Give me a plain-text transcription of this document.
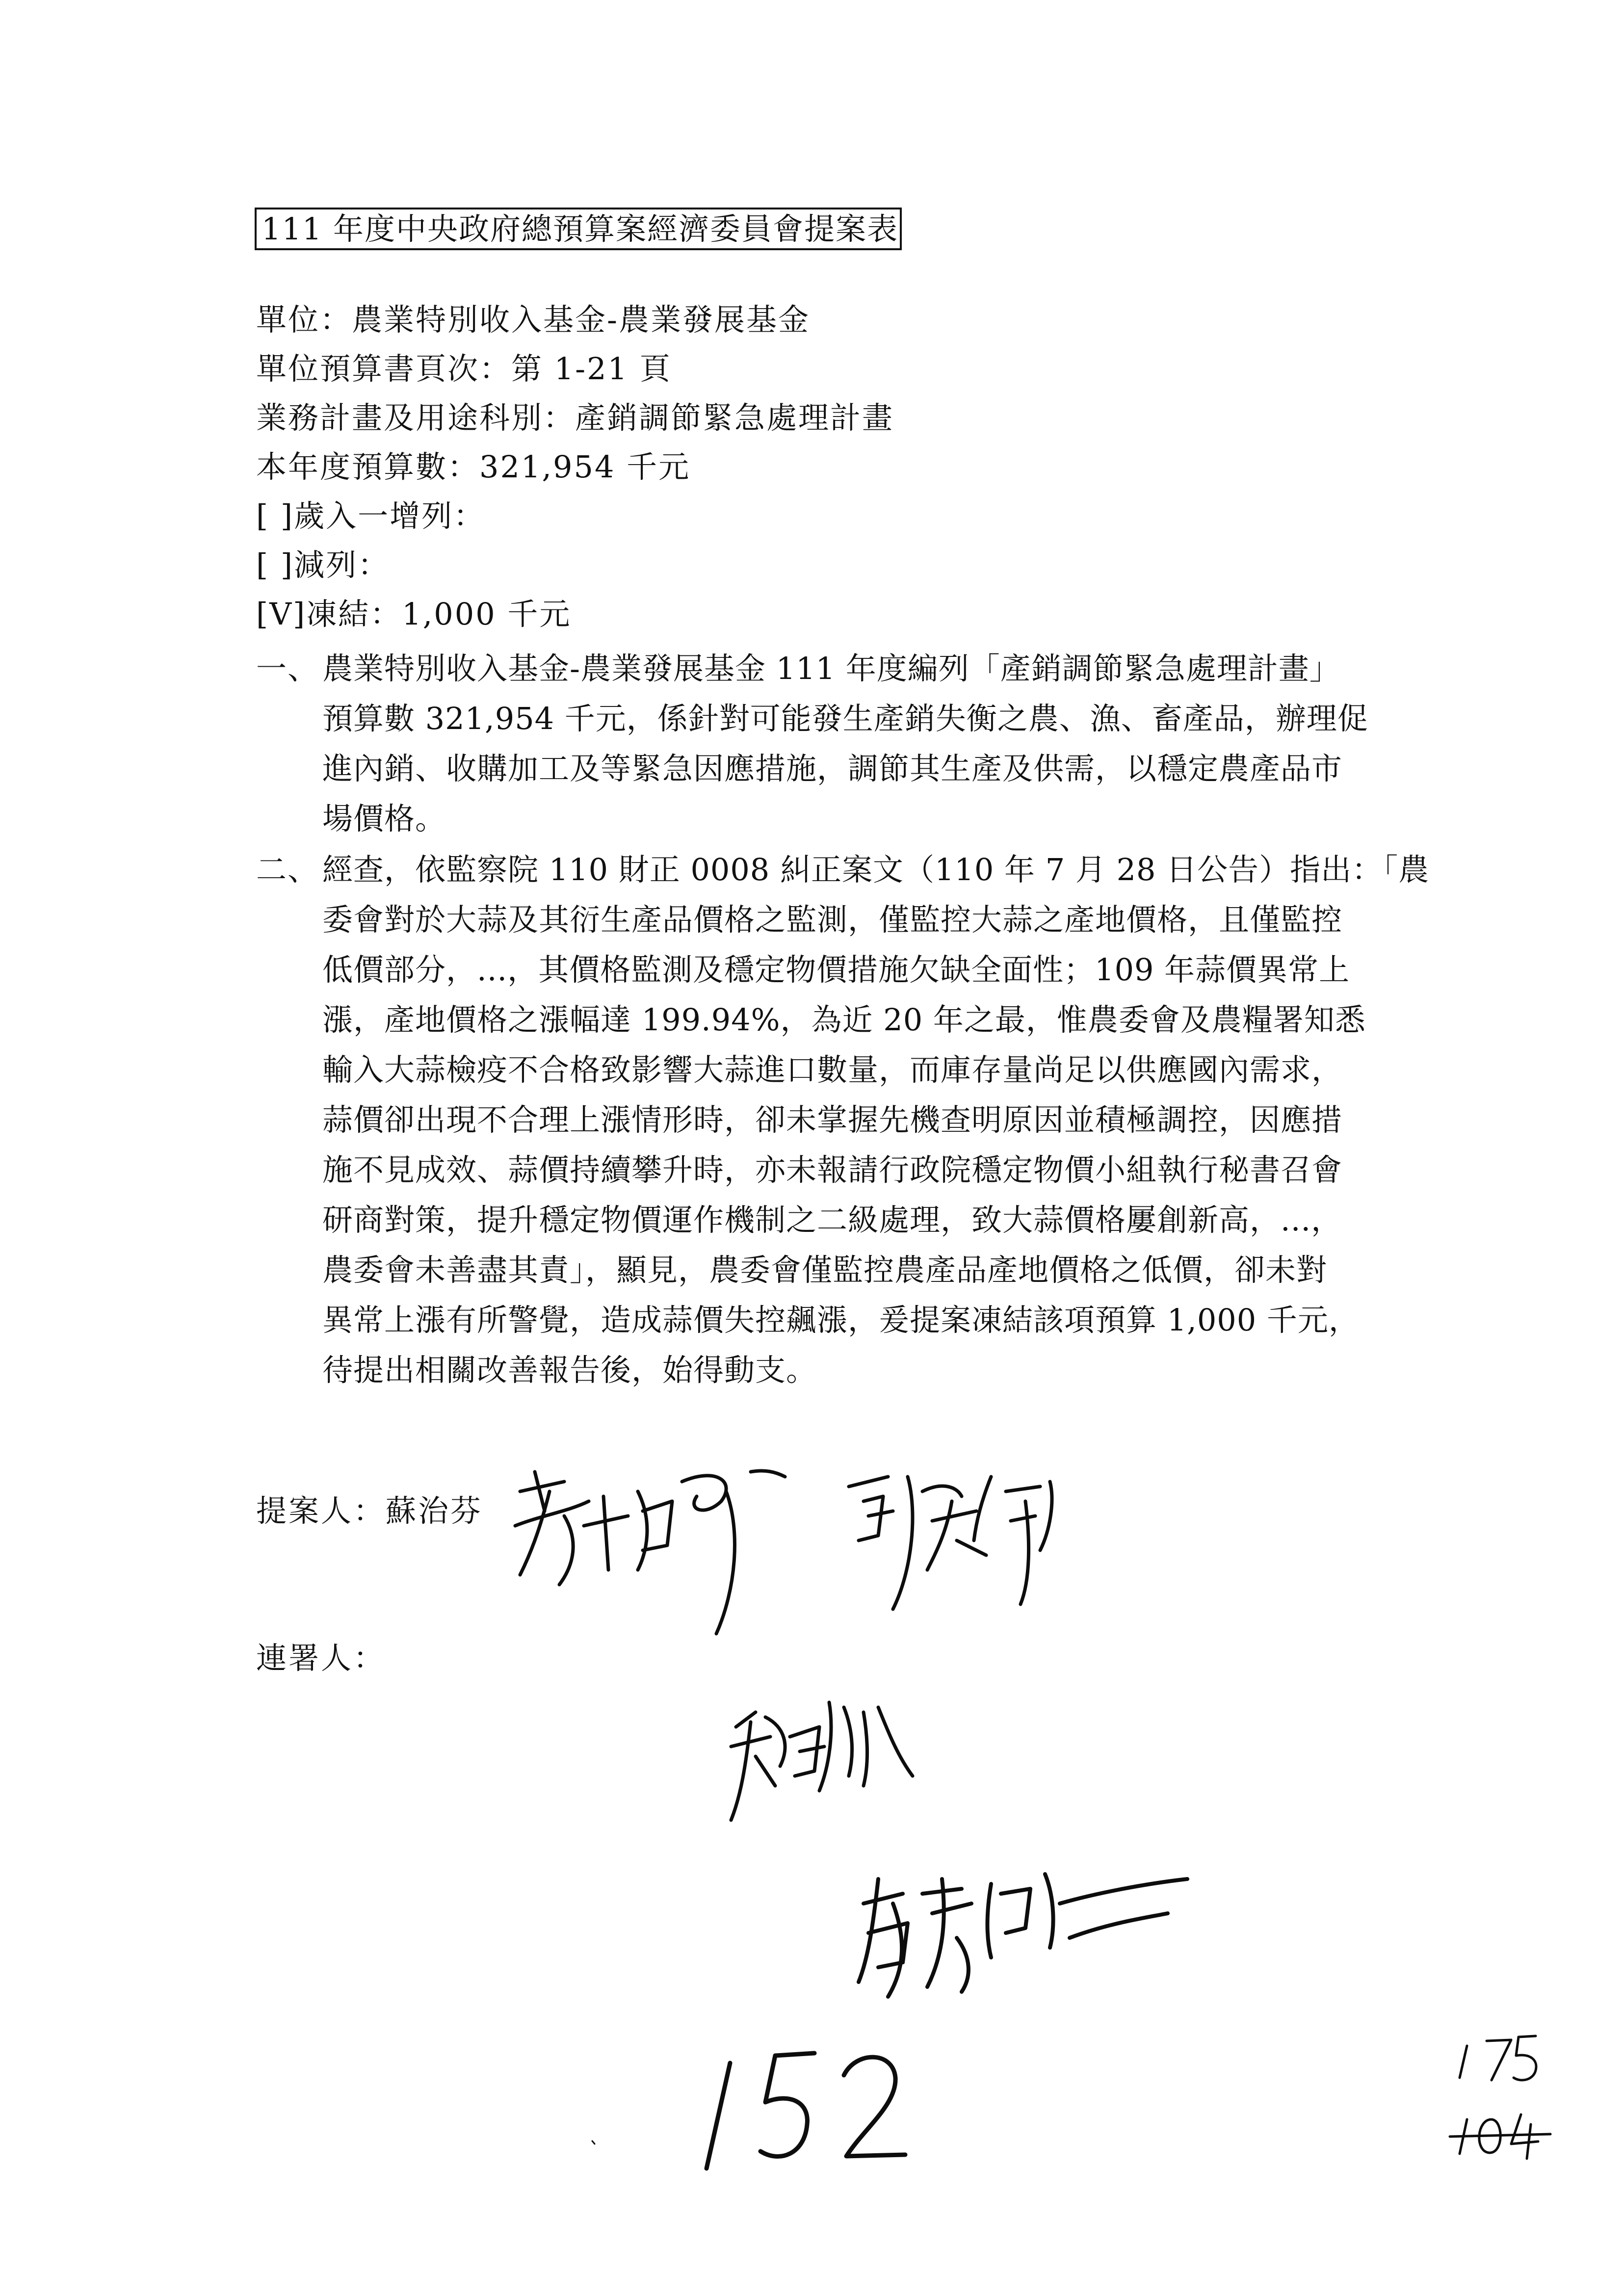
111 年度中央政府總預算案經濟委員會提案表
單位：農業特別收入基金-農業發展基金
單位預算書頁次：第 1-21 頁
業務計畫及用途科別：產銷調節緊急處理計畫
本年度預算數：321,954 千元
[ ]歲入一增列：
[ ]減列：
[V]凍結：1,000 千元
一、 農業特別收入基金-農業發展基金 111 年度編列「產銷調節緊急處理計畫」
預算數 321,954 千元，係針對可能發生產銷失衡之農、漁、畜產品，辦理促
進內銷、收購加工及等緊急因應措施，調節其生產及供需，以穩定農產品市
場價格。
二、 經查，依監察院 110 財正 0008 糾正案文（110 年 7 月 28 日公告）指出：「農
委會對於大蒜及其衍生產品價格之監測，僅監控大蒜之產地價格，且僅監控
低價部分，...，其價格監測及穩定物價措施欠缺全面性；109 年蒜價異常上
漲，產地價格之漲幅達 199.94%，為近 20 年之最，惟農委會及農糧署知悉
輸入大蒜檢疫不合格致影響大蒜進口數量，而庫存量尚足以供應國內需求，
蒜價卻出現不合理上漲情形時，卻未掌握先機查明原因並積極調控，因應措
施不見成效、蒜價持續攀升時，亦未報請行政院穩定物價小組執行秘書召會
研商對策，提升穩定物價運作機制之二級處理，致大蒜價格屢創新高，...，
農委會未善盡其責」，顯見，農委會僅監控農產品產地價格之低價，卻未對
異常上漲有所警覺，造成蒜價失控飆漲，爰提案凍結該項預算 1,000 千元，
待提出相關改善報告後，始得動支。
提案人：蘇治芬
連署人：
